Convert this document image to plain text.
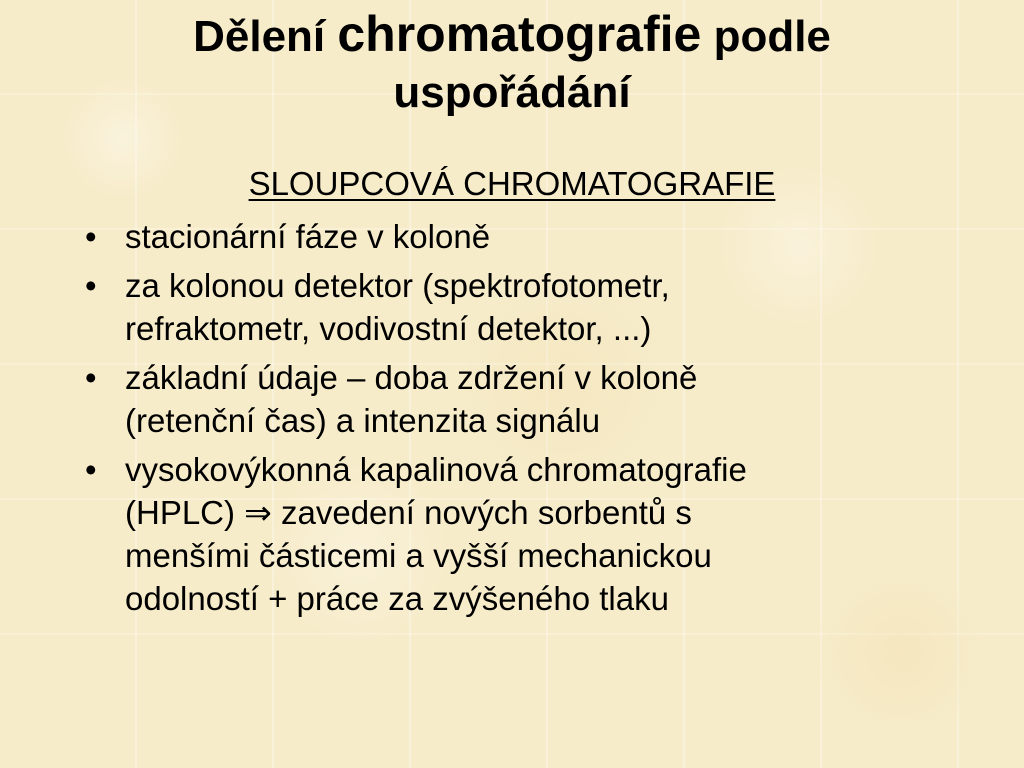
Dělení chromatografie podle
uspořádání
SLOUPCOVÁ CHROMATOGRAFIE
• stacionární fáze v koloně
• za kolonou detektor (spektrofotometr,
refraktometr, vodivostní detektor, ...)
• základní údaje – doba zdržení v koloně
(retenční čas) a intenzita signálu
• vysokovýkonná kapalinová chromatografie
(HPLC) ⇒ zavedení nových sorbentů s
menšími částicemi a vyšší mechanickou
odolností + práce za zvýšeného tlaku
